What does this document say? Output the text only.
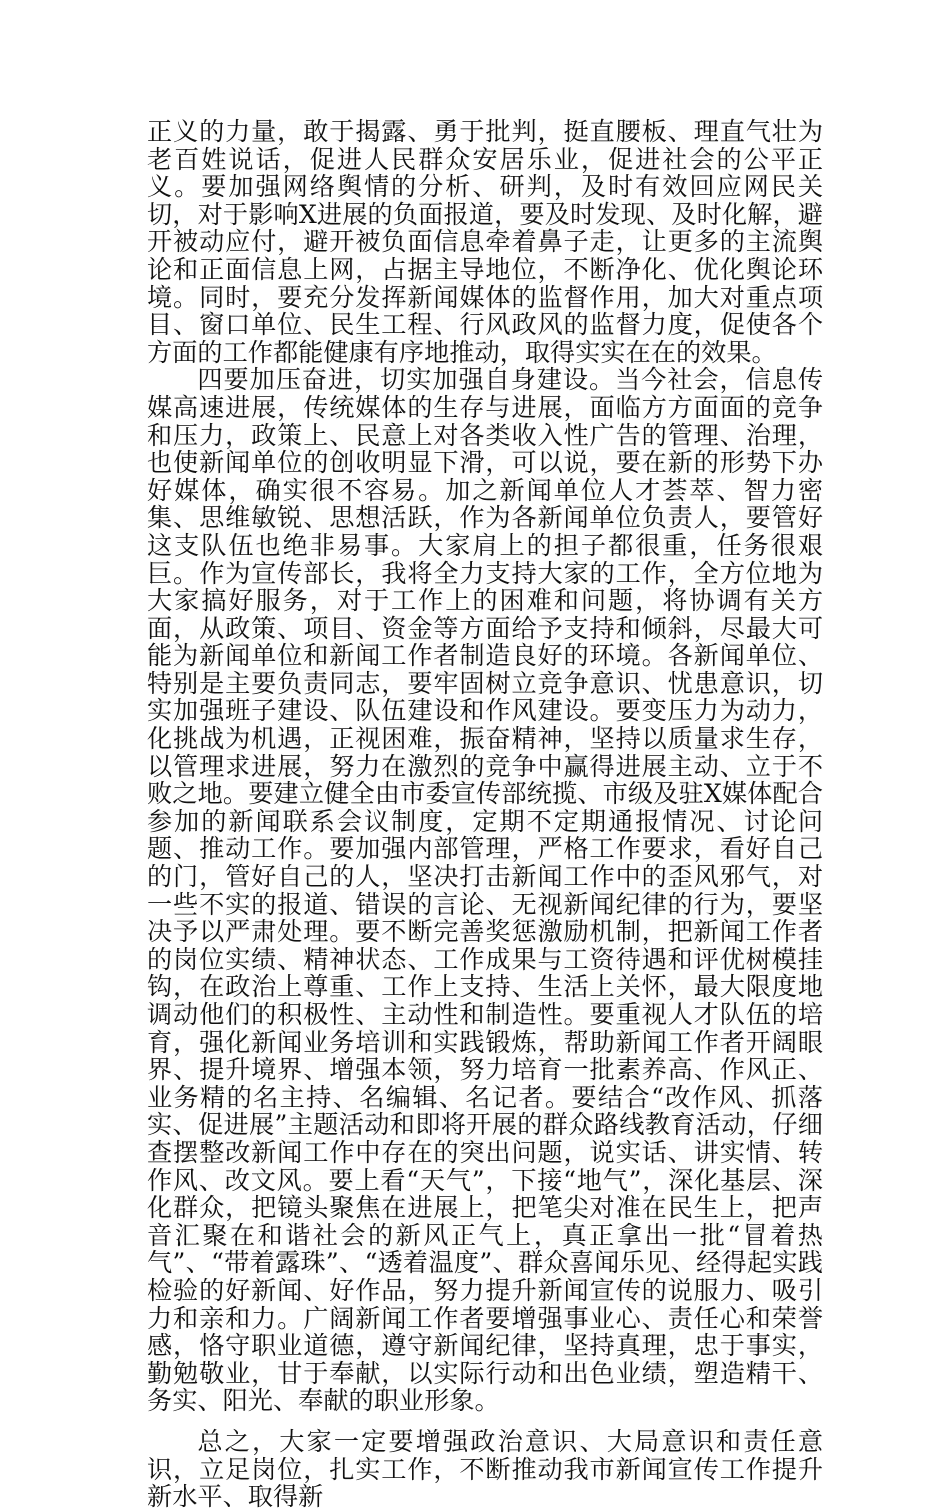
正义的力量，敢于揭露、勇于批判，挺直腰板、理直气壮为老百姓说话，促进人民群众安居乐业，促进社会的公平正义。要加强网络舆情的分析、研判，及时有效回应网民关切，对于影响X进展的负面报道，要及时发现、及时化解，避开被动应付，避开被负面信息牵着鼻子走，让更多的主流舆论和正面信息上网，占据主导地位，不断净化、优化舆论环境。同时，要充分发挥新闻媒体的监督作用，加大对重点项目、窗口单位、民生工程、行风政风的监督力度，促使各个方面的工作都能健康有序地推动，取得实实在在的效果。

四要加压奋进，切实加强自身建设。当今社会，信息传媒高速进展，传统媒体的生存与进展，面临方方面面的竞争和压力，政策上、民意上对各类收入性广告的管理、治理，也使新闻单位的创收明显下滑，可以说，要在新的形势下办好媒体，确实很不容易。加之新闻单位人才荟萃、智力密集、思维敏锐、思想活跃，作为各新闻单位负责人，要管好这支队伍也绝非易事。大家肩上的担子都很重，任务很艰巨。作为宣传部长，我将全力支持大家的工作，全方位地为大家搞好服务，对于工作上的困难和问题，将协调有关方面，从政策、项目、资金等方面给予支持和倾斜，尽最大可能为新闻单位和新闻工作者制造良好的环境。各新闻单位、特别是主要负责同志，要牢固树立竞争意识、忧患意识，切实加强班子建设、队伍建设和作风建设。要变压力为动力，化挑战为机遇，正视困难，振奋精神，坚持以质量求生存，以管理求进展，努力在激烈的竞争中赢得进展主动、立于不败之地。要建立健全由市委宣传部统揽、市级及驻X媒体配合参加的新闻联系会议制度，定期不定期通报情况、讨论问题、推动工作。要加强内部管理，严格工作要求，看好自己的门，管好自己的人，坚决打击新闻工作中的歪风邪气，对一些不实的报道、错误的言论、无视新闻纪律的行为，要坚决予以严肃处理。要不断完善奖惩激励机制，把新闻工作者的岗位实绩、精神状态、工作成果与工资待遇和评优树模挂钩，在政治上尊重、工作上支持、生活上关怀，最大限度地调动他们的积极性、主动性和制造性。要重视人才队伍的培育，强化新闻业务培训和实践锻炼，帮助新闻工作者开阔眼界、提升境界、增强本领，努力培育一批素养高、作风正、业务精的名主持、名编辑、名记者。要结合“改作风、抓落实、促进展”主题活动和即将开展的群众路线教育活动，仔细查摆整改新闻工作中存在的突出问题，说实话、讲实情、转作风、改文风。要上看“天气”，下接“地气”，深化基层、深化群众，把镜头聚焦在进展上，把笔尖对准在民生上，把声音汇聚在和谐社会的新风正气上，真正拿出一批“冒着热气”、“带着露珠”、“透着温度”、群众喜闻乐见、经得起实践检验的好新闻、好作品，努力提升新闻宣传的说服力、吸引力和亲和力。广阔新闻工作者要增强事业心、责任心和荣誉感，恪守职业道德，遵守新闻纪律，坚持真理，忠于事实，勤勉敬业，甘于奉献，以实际行动和出色业绩，塑造精干、务实、阳光、奉献的职业形象。

总之，大家一定要增强政治意识、大局意识和责任意识，立足岗位，扎实工作，不断推动我市新闻宣传工作提升新水平、取得新
